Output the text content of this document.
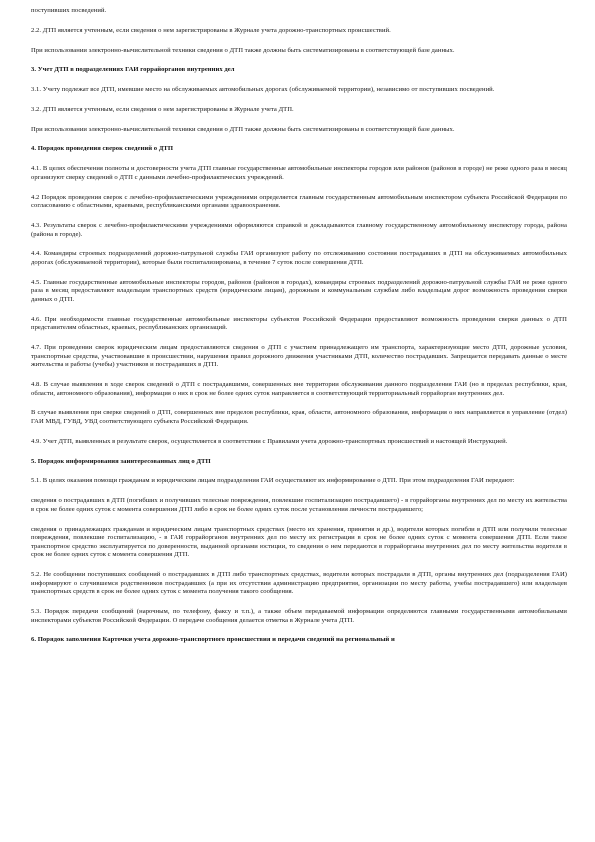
поступивших посведений.
2.2. ДТП является учтенным, если сведения о нем зарегистрированы в Журнале учета дорожно-транспортных происшествий.
При использовании электронно-вычислительной техники сведения о ДТП также должны быть систематизированы в соответствующей базе данных.
3. Учет ДТП в подразделениях ГАИ горрайорганов внутренних дел
3.1. Учету подлежат все ДТП, имевшие место на обслуживаемых автомобильных дорогах (обслуживаемой территории), независимо от поступивших посведений.
3.2. ДТП является учтенным, если сведения о нем зарегистрированы в Журнале учета ДТП.
При использовании электронно-вычислительной техники сведения о ДТП также должны быть систематизированы в соответствующей базе данных.
4. Порядок проведения сверок сведений о ДТП
4.1. В целях обеспечения полноты и достоверности учета ДТП главные государственные автомобильные инспекторы городов или районов (районов в городе) не реже одного раза в месяц организуют сверку сведений о ДТП с данными лечебно-профилактических учреждений.
4.2 Порядок проведения сверок с лечебно-профилактическими учреждениями определяется главным государственным автомобильным инспектором субъекта Российской Федерации по согласованию с областными, краевыми, республиканскими органами здравоохранения.
4.3. Результаты сверок с лечебно-профилактическими учреждениями оформляются справкой и докладываются главному государственному автомобильному инспектору города, района (района в городе).
4.4. Командиры строевых подразделений дорожно-патрульной службы ГАИ организуют работу по отслеживанию состояния пострадавших в ДТП на обслуживаемых автомобильных дорогах (обслуживаемой территории), которые были госпитализированы, в течение 7 суток после совершения ДТП.
4.5. Главные государственные автомобильные инспекторы городов, районов (районов в городах), командиры строевых подразделений дорожно-патрульной службы ГАИ не реже одного раза в месяц предоставляют владельцам транспортных средств (юридическим лицам), дорожным и коммунальным службам либо владельцам дорог возможность проведения сверки данных о ДТП.
4.6. При необходимости главные государственные автомобильные инспекторы субъектов Российской Федерации предоставляют возможность проведения сверки данных о ДТП представителям областных, краевых, республиканских организаций.
4.7. При проведении сверок юридическим лицам предоставляются сведения о ДТП с участием принадлежащего им транспорта, характеризующие место ДТП, дорожные условия, транспортные средства, участвовавшие в происшествии, нарушения правил дорожного движения участниками ДТП, количество пострадавших. Запрещается передавать данные о месте жительства и работы (учебы) участников и пострадавших в ДТП.
4.8. В случае выявления в ходе сверок сведений о ДТП с пострадавшими, совершенных вне территории обслуживания данного подразделения ГАИ (но в пределах республики, края, области, автономного образования), информация о них в срок не более одних суток направляется в соответствующий территориальный горрайорган внутренних дел.
В случае выявления при сверке сведений о ДТП, совершенных вне пределов республики, края, области, автономного образования, информация о них направляется в управление (отдел) ГАИ МВД, ГУВД, УВД соответствующего субъекта Российской Федерации.
4.9. Учет ДТП, выявленных в результате сверок, осуществляется в соответствии с Правилами учета дорожно-транспортных происшествий и настоящей Инструкцией.
5. Порядок информирования заинтересованных лиц о ДТП
5.1. В целях оказания помощи гражданам и юридическим лицам подразделения ГАИ осуществляют их информирование о ДТП. При этом подразделения ГАИ передают:
сведения о пострадавших в ДТП (погибших и получивших телесные повреждения, повлекшие госпитализацию пострадавшего) - в горрайорганы внутренних дел по месту их жительства в срок не более одних суток с момента совершения ДТП либо в срок не более одних суток после установления личности пострадавшего;
сведения о принадлежащих гражданам и юридическим лицам транспортных средствах (место их хранения, принятия и др.), водители которых погибли в ДТП или получили телесные повреждения, повлекшие госпитализацию, - в ГАИ горрайорганов внутренних дел по месту их регистрации в срок не более одних суток с момента совершения ДТП. Если такое транспортное средство эксплуатируется по доверенности, выданной органами юстиции, то сведения о нем передаются в горрайорганы внутренних дел по месту жительства водителя в срок не более одних суток с момента совершения ДТП.
5.2. Не сообщении поступивших сообщений о пострадавших в ДТП либо транспортных средствах, водители которых пострадали в ДТП, органы внутренних дел (подразделения ГАИ) информируют о случившемся родственников пострадавших (а при их отсутствии администрацию предприятия, организации по месту работы, учебы пострадавшего) или владельцев транспортных средств в срок не более одних суток с момента получения такого сообщения.
5.3. Порядок передачи сообщений (нарочным, по телефону, факсу и т.п.), а также объем передаваемой информации определяются главными государственными автомобильными инспекторами субъектов Российской Федерации. О передаче сообщения делается отметка в Журнале учета ДТП.
6. Порядок заполнения Карточки учета дорожно-транспортного происшествия и передачи сведений на региональный и
